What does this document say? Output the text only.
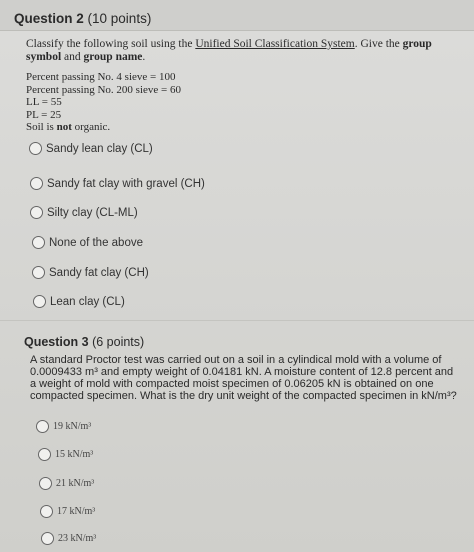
Question 2 (10 points)
Classify the following soil using the Unified Soil Classification System. Give the group symbol and group name.
Percent passing No. 4 sieve = 100
Percent passing No. 200 sieve = 60
LL = 55
PL = 25
Soil is not organic.
Sandy lean clay (CL)
Sandy fat clay with gravel (CH)
Silty clay (CL-ML)
None of the above
Sandy fat clay (CH)
Lean clay (CL)
Question 3 (6 points)
A standard Proctor test was carried out on a soil in a cylindical mold with a volume of
0.0009433 m³ and empty weight of 0.04181 kN. A moisture content of 12.8 percent and
a weight of mold with compacted moist specimen of 0.06205 kN is obtained on one
compacted specimen. What is the dry unit weight of the compacted specimen in kN/m³?
19 kN/m³
15 kN/m³
21 kN/m³
17 kN/m³
23 kN/m³
